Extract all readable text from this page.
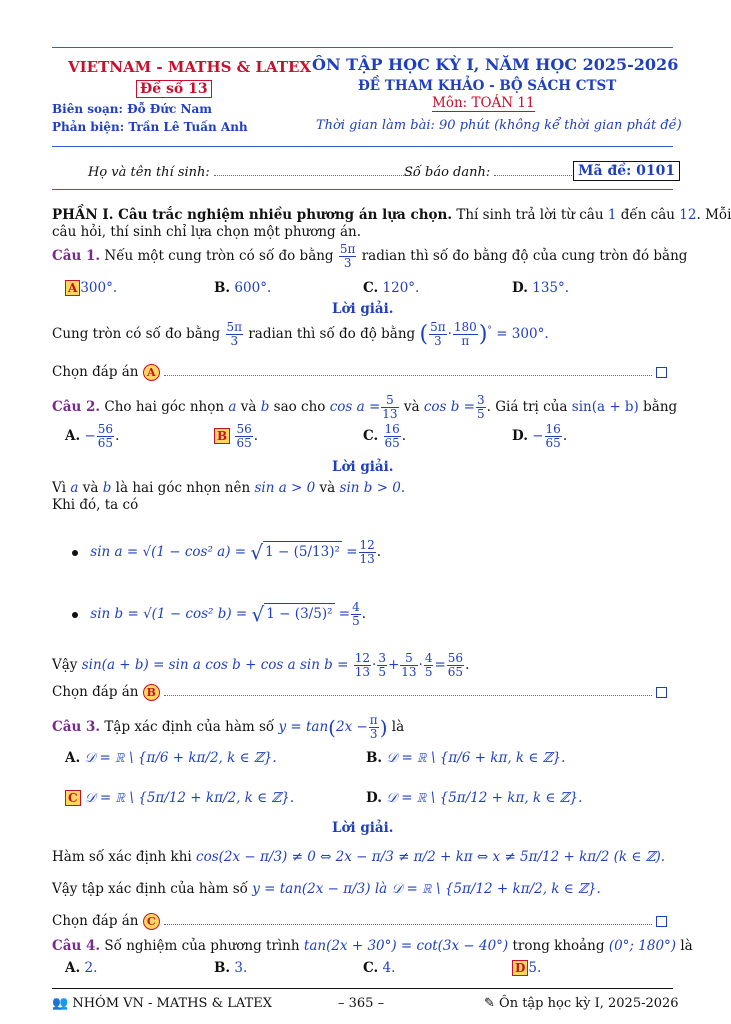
VIETNAM - MATHS & LATEX
Đề số 13
Biên soạn: Đỗ Đức Nam
Phản biện: Trần Lê Tuấn Anh
ÔN TẬP HỌC KỲ I, NĂM HỌC 2025-2026
ĐỀ THAM KHẢO - BỘ SÁCH CTST
Môn: TOÁN 11
Thời gian làm bài: 90 phút (không kể thời gian phát đề)
Họ và tên thí sinh:	Số báo danh:	Mã đề: 0101
PHẦN I. Câu trắc nghiệm nhiều phương án lựa chọn. Thí sinh trả lời từ câu 1 đến câu 12. Mỗi
câu hỏi, thí sinh chỉ lựa chọn một phương án.
Câu 1. Nếu một cung tròn có số đo bằng $\frac{5\pi}{3}$ radian thì số đo bằng độ của cung tròn đó bằng
A 300°.	B. 600°.	C. 120°.	D. 135°.
Lời giải.
Cung tròn có số đo bằng $\frac{5\pi}{3}$ radian thì số đo độ bằng ( $\frac{5\pi}{3} \cdot \frac{180}{\pi} )^\circ = 300^\circ$.
Chọn đáp án A
Câu 2. Cho hai góc nhọn a và b sao cho $\cos a = \frac{5}{13}$ và $\cos b = \frac{3}{5}$ . Giá trị của sin(a + b) bằng
A. − $\frac{56}{65}$ .	B $\frac{56}{65}$ .	C. $\frac{16}{65}$ .	D. − $\frac{16}{65}$ .
Lời giải.
Vì a và b là hai góc nhọn nên sin a > 0 và sin b > 0.
Khi đó, ta có
sin a = √(1 − cos² a) = √ $1 - (5/13)^2 = \frac{12}{13}$ .
sin b = √(1 − cos² b) = √ $1 - (3/5)^2 = \frac{4}{5}$ .
Vậy sin(a + b) = sin a cos b + cos a $\sin b = \frac{12}{13} \cdot \frac{3}{5} + \frac{5}{13} \cdot \frac{4}{5} = \frac{56}{65}$ .
Chọn đáp án B
Câu 3. Tập xác định của hàm số $y = \tan(2x - \frac{\pi}{3}$ ) là
A. 𝒟 = ℝ \ {π/6 + kπ/2, k ∈ ℤ}.	B. 𝒟 = ℝ \ {π/6 + kπ, k ∈ ℤ}.
C 𝒟 = ℝ \ {5π/12 + kπ/2, k ∈ ℤ}.	D. 𝒟 = ℝ \ {5π/12 + kπ, k ∈ ℤ}.
Lời giải.
Hàm số xác định khi cos(2x − π/3) ≠ 0 ⇔ 2x − π/3 ≠ π/2 + kπ ⇔ x ≠ 5π/12 + kπ/2 (k ∈ ℤ).
Vậy tập xác định của hàm số y = tan(2x − π/3) là 𝒟 = ℝ \ {5π/12 + kπ/2, k ∈ ℤ}.
Chọn đáp án C
Câu 4. Số nghiệm của phương trình tan(2x + 30°) = cot(3x − 40°) trong khoảng (0°; 180°) là
A. 2.	B. 3.	C. 4.	D 5.
👥 NHÓM VN - MATHS & LATEX	– 365 –	✎ Ôn tập học kỳ I, 2025-2026
